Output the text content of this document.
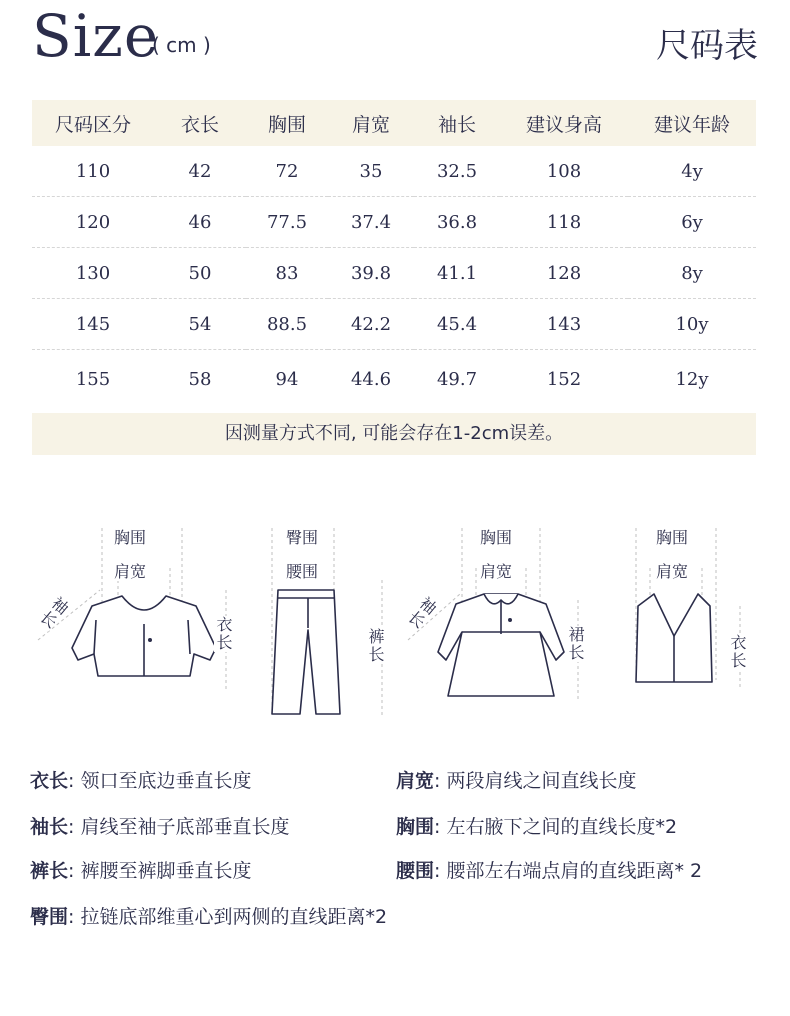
Size
( cm )	尺码表
尺码区分	衣长	胸围	肩宽	袖长	建议身高	建议年龄
110	42	72	35	32.5	108	4y
120	46	77.5	37.4	36.8	118	6y
130	50	83	39.8	41.1	128	8y
145	54	88.5	42.2	45.4	143	10y
155	58	94	44.6	49.7	152	12y
因测量方式不同, 可能会存在1-2cm误差。
胸围
肩宽
袖长
衣长
臀围
腰围
裤长
胸围
肩宽
袖长
裙长
胸围
肩宽
衣长
衣长: 领口至底边垂直长度	肩宽: 两段肩线之间直线长度
袖长: 肩线至袖子底部垂直长度	胸围: 左右腋下之间的直线长度*2
裤长: 裤腰至裤脚垂直长度	腰围: 腰部左右端点肩的直线距离* 2
臀围: 拉链底部维重心到两侧的直线距离*2
